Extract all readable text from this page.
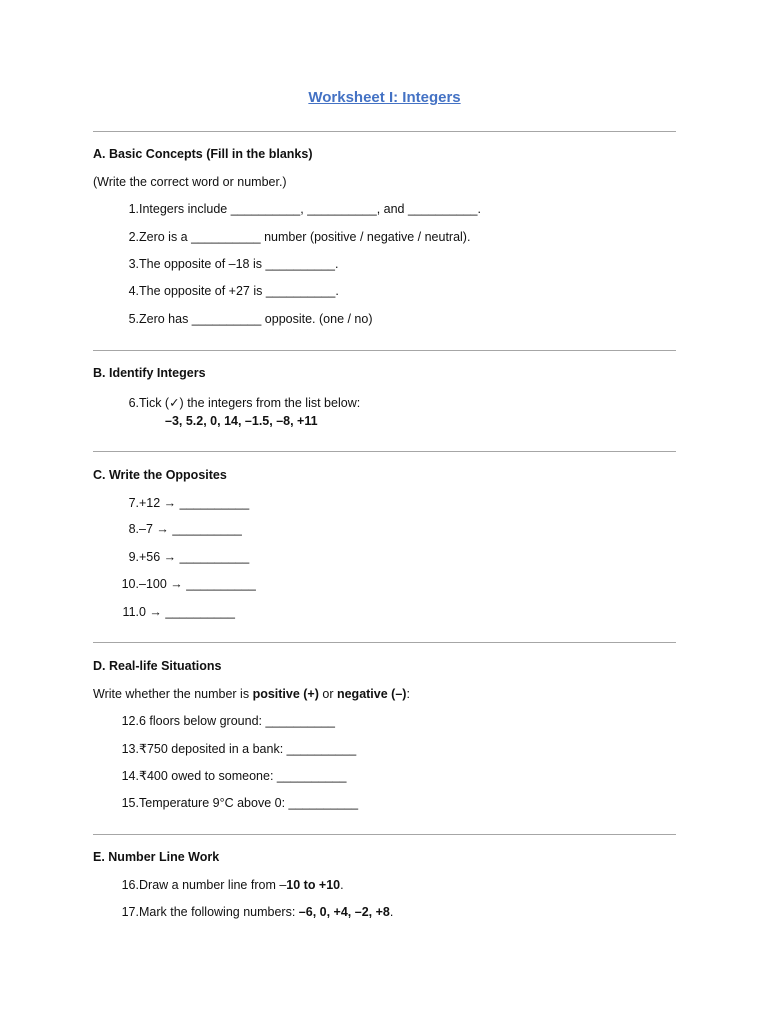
Worksheet I: Integers
A. Basic Concepts (Fill in the blanks)
(Write the correct word or number.)
1.Integers include __________, __________, and __________.
2.Zero is a __________ number (positive / negative / neutral).
3.The opposite of –18 is __________.
4.The opposite of +27 is __________.
5.Zero has __________ opposite. (one / no)
B. Identify Integers
6.Tick (✓) the integers from the list below:
–3, 5.2, 0, 14, –1.5, –8, +11
C. Write the Opposites
7.+12 → __________
8.–7 → __________
9.+56 → __________
10.–100 → __________
11.0 → __________
D. Real-life Situations
Write whether the number is positive (+) or negative (–):
12.6 floors below ground: __________
13.₹750 deposited in a bank: __________
14.₹400 owed to someone: __________
15.Temperature 9°C above 0: __________
E. Number Line Work
16.Draw a number line from –10 to +10.
17.Mark the following numbers: –6, 0, +4, –2, +8.
